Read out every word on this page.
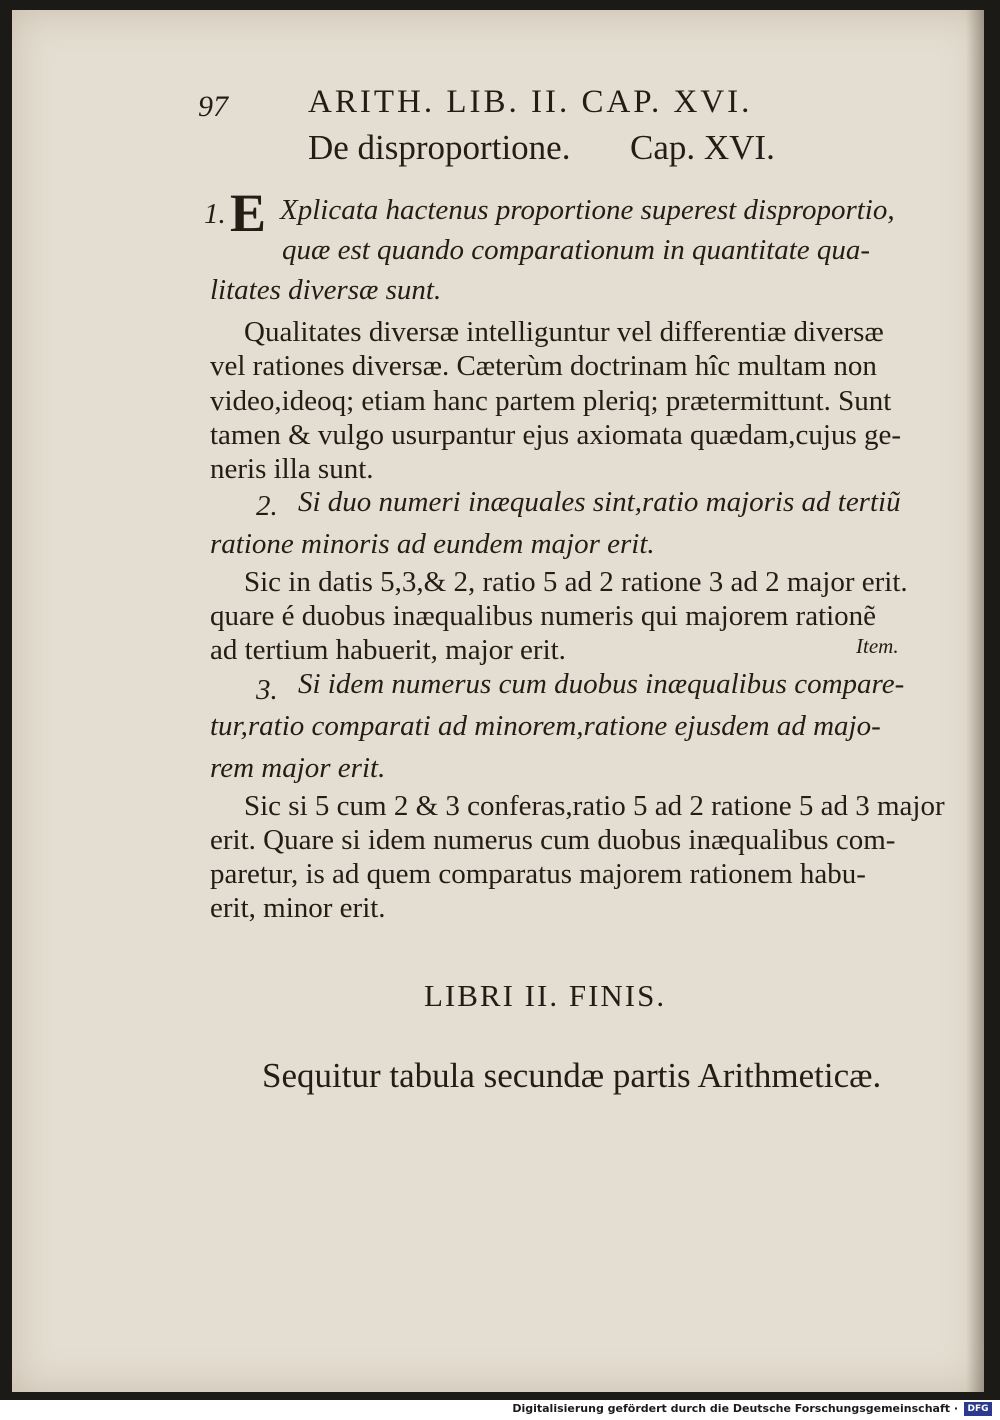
97 ARITH. LIB. II. CAP. XVI.
De disproportione. Cap. XVI.
1. E Xplicata hactenus proportione superest disproportio,
quæ est quando comparationum in quantitate qua-
litates diversæ sunt.
Qualitates diversæ intelliguntur vel differentiæ diversæ
vel rationes diversæ. Cæterùm doctrinam hîc multam non
video,ideoq; etiam hanc partem pleriq; prætermittunt. Sunt
tamen & vulgo usurpantur ejus axiomata quædam,cujus ge-
neris illa sunt.
2. Si duo numeri inæquales sint,ratio majoris ad tertiũ
ratione minoris ad eundem major erit.
Sic in datis 5,3,& 2, ratio 5 ad 2 ratione 3 ad 2 major erit.
quare é duobus inæqualibus numeris qui majorem rationẽ
ad tertium habuerit, major erit.	Item.
3. Si idem numerus cum duobus inæqualibus compare-
tur,ratio comparati ad minorem,ratione ejusdem ad majo-
rem major erit.
Sic si 5 cum 2 & 3 conferas,ratio 5 ad 2 ratione 5 ad 3 major
erit. Quare si idem numerus cum duobus inæqualibus com-
paretur, is ad quem comparatus majorem rationem habu-
erit, minor erit.
LIBRI II. FINIS.
Sequitur tabula secundæ partis Arithmeticæ.
Digitalisierung gefördert durch die Deutsche Forschungsgemeinschaft ·	DFG
